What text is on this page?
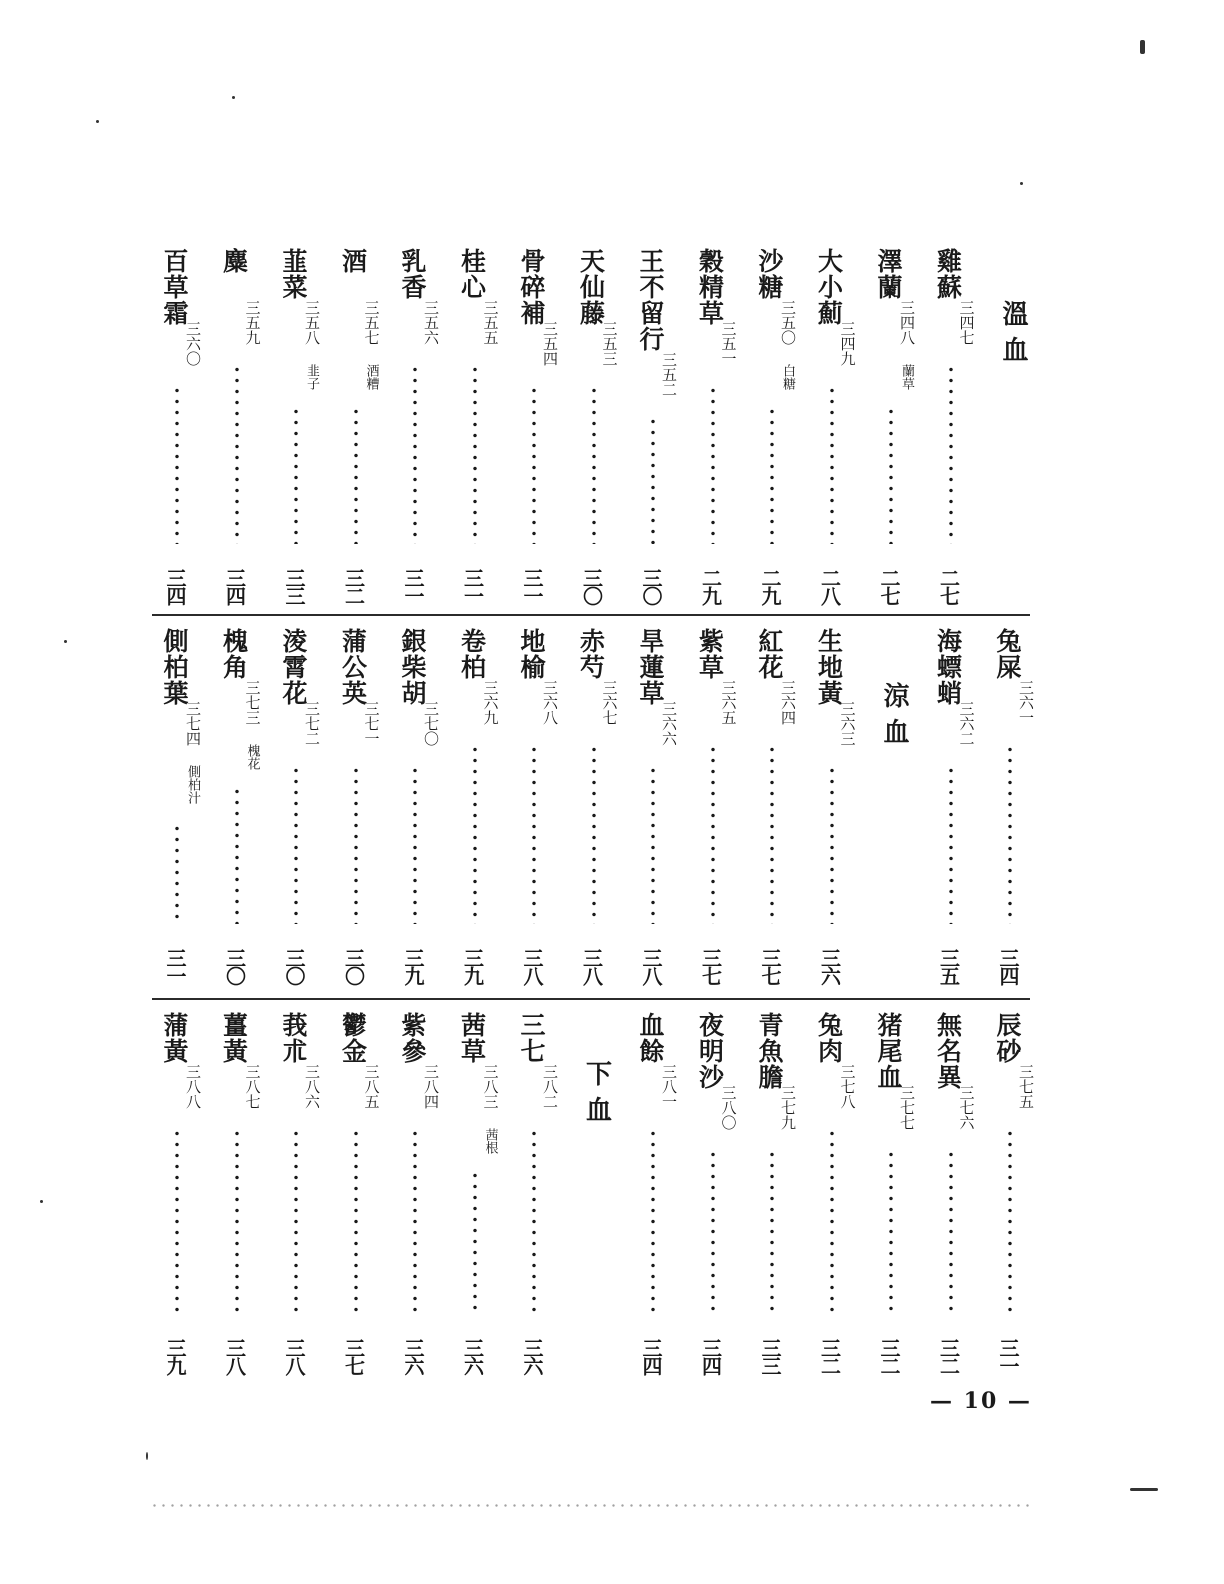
雞蘇
三四七
二七
澤蘭
三四八
蘭草
二七
大小薊
三四九
二八
沙糖
三五〇
白糖
二九
穀精草
三五一
二九
王不留行
三五二
三〇
天仙藤
三五三
三〇
骨碎補
三五四
三一
桂心
三五五
三一
乳香
三五六
三一
酒
三五七
酒糟
三二
韮菜
三五八
韭子
三三
麋
三五九
三四
百草霜
三六〇
三四
溫血
兔屎
三六一
三四
海螵蛸
三六二
三五
生地黃
三六三
三六
紅花
三六四
三七
紫草
三六五
三七
旱蓮草
三六六
三八
赤芍
三六七
三八
地榆
三六八
三八
卷柏
三六九
三九
銀柴胡
三七〇
三九
蒲公英
三七一
三〇
淩霄花
三七二
三〇
槐角
三七三
槐花
三〇
側柏葉
三七四
側柏汁
三一
涼血
辰砂
三七五
三一
無名異
三七六
三二
猪尾血
三七七
三二
兔肉
三七八
三二
青魚膽
三七九
三三
夜明沙
三八〇
三四
血餘
三八一
三四
三七
三八二
三六
茜草
三八三
茜根
三六
紫參
三八四
三六
鬱金
三八五
三七
莪朮
三八六
三八
薑黃
三八七
三八
蒲黃
三八八
三九
下血
— 10 —
